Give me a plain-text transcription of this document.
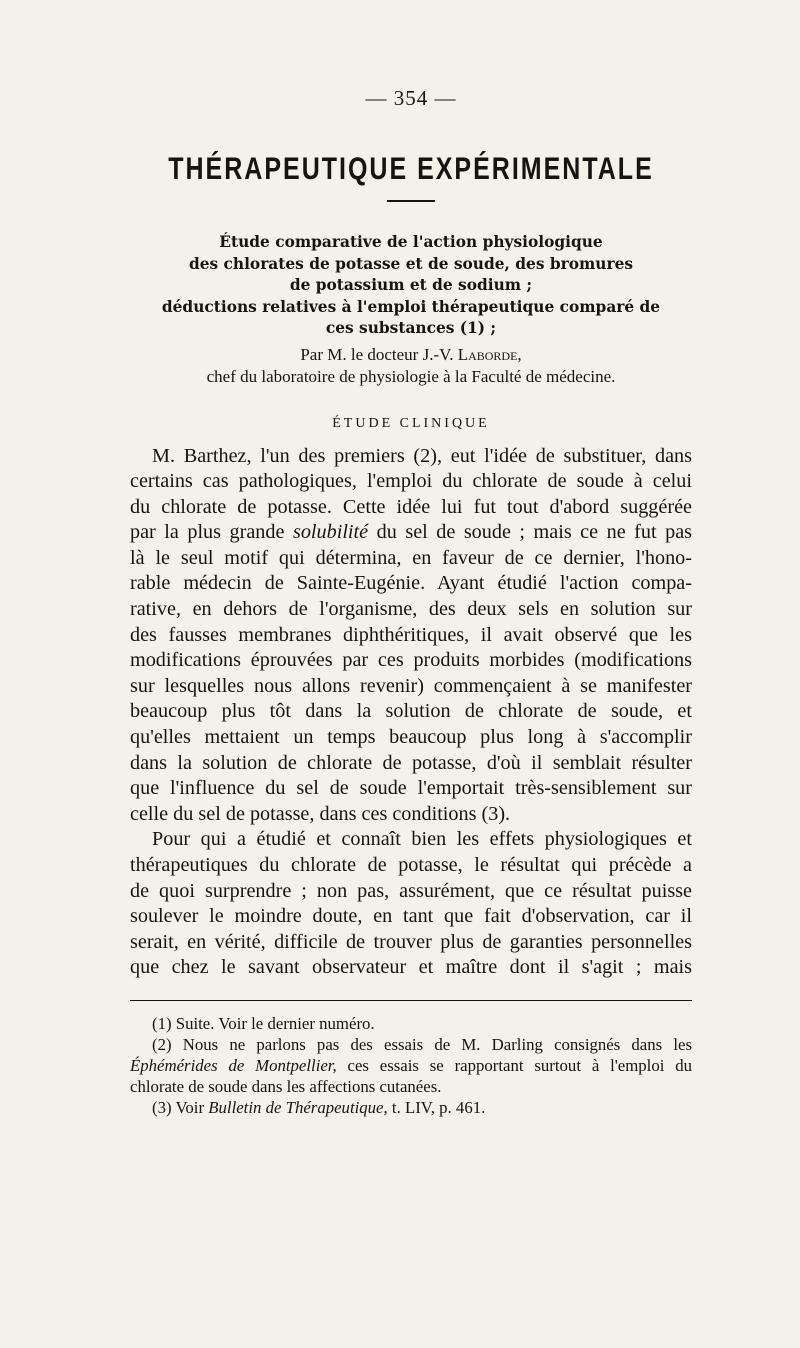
— 354 —
THÉRAPEUTIQUE EXPÉRIMENTALE
Étude comparative de l'action physiologique
des chlorates de potasse et de soude, des bromures
de potassium et de sodium ;
déductions relatives à l'emploi thérapeutique comparé de
ces substances (1) ;
Par M. le docteur J.-V. Laborde,
chef du laboratoire de physiologie à la Faculté de médecine.
ÉTUDE CLINIQUE
M. Barthez, l'un des premiers (2), eut l'idée de substituer, dans
certains cas pathologiques, l'emploi du chlorate de soude à celui
du chlorate de potasse. Cette idée lui fut tout d'abord suggérée
par la plus grande solubilité du sel de soude ; mais ce ne fut pas
là le seul motif qui détermina, en faveur de ce dernier, l'hono-
rable médecin de Sainte-Eugénie. Ayant étudié l'action compa-
rative, en dehors de l'organisme, des deux sels en solution sur
des fausses membranes diphthéritiques, il avait observé que les
modifications éprouvées par ces produits morbides (modifications
sur lesquelles nous allons revenir) commençaient à se manifester
beaucoup plus tôt dans la solution de chlorate de soude, et
qu'elles mettaient un temps beaucoup plus long à s'accomplir
dans la solution de chlorate de potasse, d'où il semblait résulter
que l'influence du sel de soude l'emportait très-sensiblement sur
celle du sel de potasse, dans ces conditions (3).
Pour qui a étudié et connaît bien les effets physiologiques et
thérapeutiques du chlorate de potasse, le résultat qui précède a
de quoi surprendre ; non pas, assurément, que ce résultat puisse
soulever le moindre doute, en tant que fait d'observation, car il
serait, en vérité, difficile de trouver plus de garanties personnelles
que chez le savant observateur et maître dont il s'agit ; mais
(1) Suite. Voir le dernier numéro.
(2) Nous ne parlons pas des essais de M. Darling consignés dans les
Éphémérides de Montpellier, ces essais se rapportant surtout à l'emploi du
chlorate de soude dans les affections cutanées.
(3) Voir Bulletin de Thérapeutique, t. LIV, p. 461.
